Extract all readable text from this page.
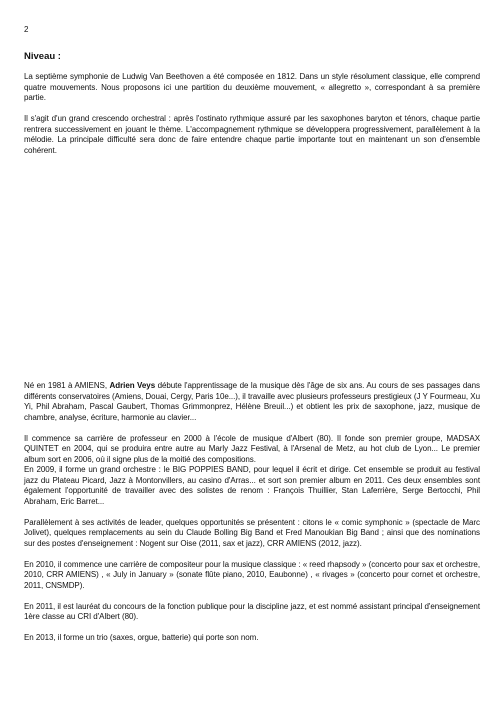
2
Niveau :

La septième symphonie de Ludwig Van Beethoven a été composée en 1812. Dans un style résolument classique, elle comprend quatre mouvements. Nous proposons ici une partition du deuxième mouvement, « allegretto », correspondant à sa première partie.

Il s'agit d'un grand crescendo orchestral : après l'ostinato rythmique assuré par les saxophones baryton et ténors, chaque partie rentrera successivement en jouant le thème. L'accompagnement rythmique se développera progressivement, parallèlement à la mélodie. La principale difficulté sera donc de faire entendre chaque partie importante tout en maintenant un son d'ensemble cohérent.

Né en 1981 à AMIENS, Adrien Veys débute l'apprentissage de la musique dès l'âge de six ans. Au cours de ses passages dans différents conservatoires (Amiens, Douai, Cergy, Paris 10e...), il travaille avec plusieurs professeurs prestigieux (J Y Fourmeau, Xu Yi, Phil Abraham, Pascal Gaubert, Thomas Grimmonprez, Hélène Breuil...) et obtient les prix de saxophone, jazz, musique de chambre, analyse, écriture, harmonie au clavier...

Il commence sa carrière de professeur en 2000 à l'école de musique d'Albert (80). Il fonde son premier groupe, MADSAX QUINTET en 2004, qui se produira entre autre au Marly Jazz Festival, à l'Arsenal de Metz, au hot club de Lyon... Le premier album sort en 2006, où il signe plus de la moitié des compositions.

En 2009, il forme un grand orchestre : le BIG POPPIES BAND, pour lequel il écrit et dirige. Cet ensemble se produit au festival jazz du Plateau Picard, Jazz à Montonvillers, au casino d'Arras... et sort son premier album en 2011. Ces deux ensembles sont également l'opportunité de travailler avec des solistes de renom : François Thuillier, Stan Laferrière, Serge Bertocchi, Phil Abraham, Eric Barret...

Parallèlement à ses activités de leader, quelques opportunités se présentent : citons le « comic symphonic » (spectacle de Marc Jolivet), quelques remplacements au sein du Claude Bolling Big Band et Fred Manoukian Big Band ; ainsi que des nominations sur des postes d'enseignement : Nogent sur Oise (2011, sax et jazz), CRR AMIENS (2012, jazz).

En 2010, il commence une carrière de compositeur pour la musique classique : « reed rhapsody » (concerto pour sax et orchestre, 2010, CRR AMIENS) , « July in January » (sonate flûte piano, 2010, Eaubonne) , « rivages » (concerto pour cornet et orchestre, 2011, CNSMDP).

En 2011, il est lauréat du concours de la fonction publique pour la discipline jazz, et est nommé assistant principal d'enseignement 1ère classe au CRI d'Albert (80).

En 2013, il forme un trio (saxes, orgue, batterie) qui porte son nom.
